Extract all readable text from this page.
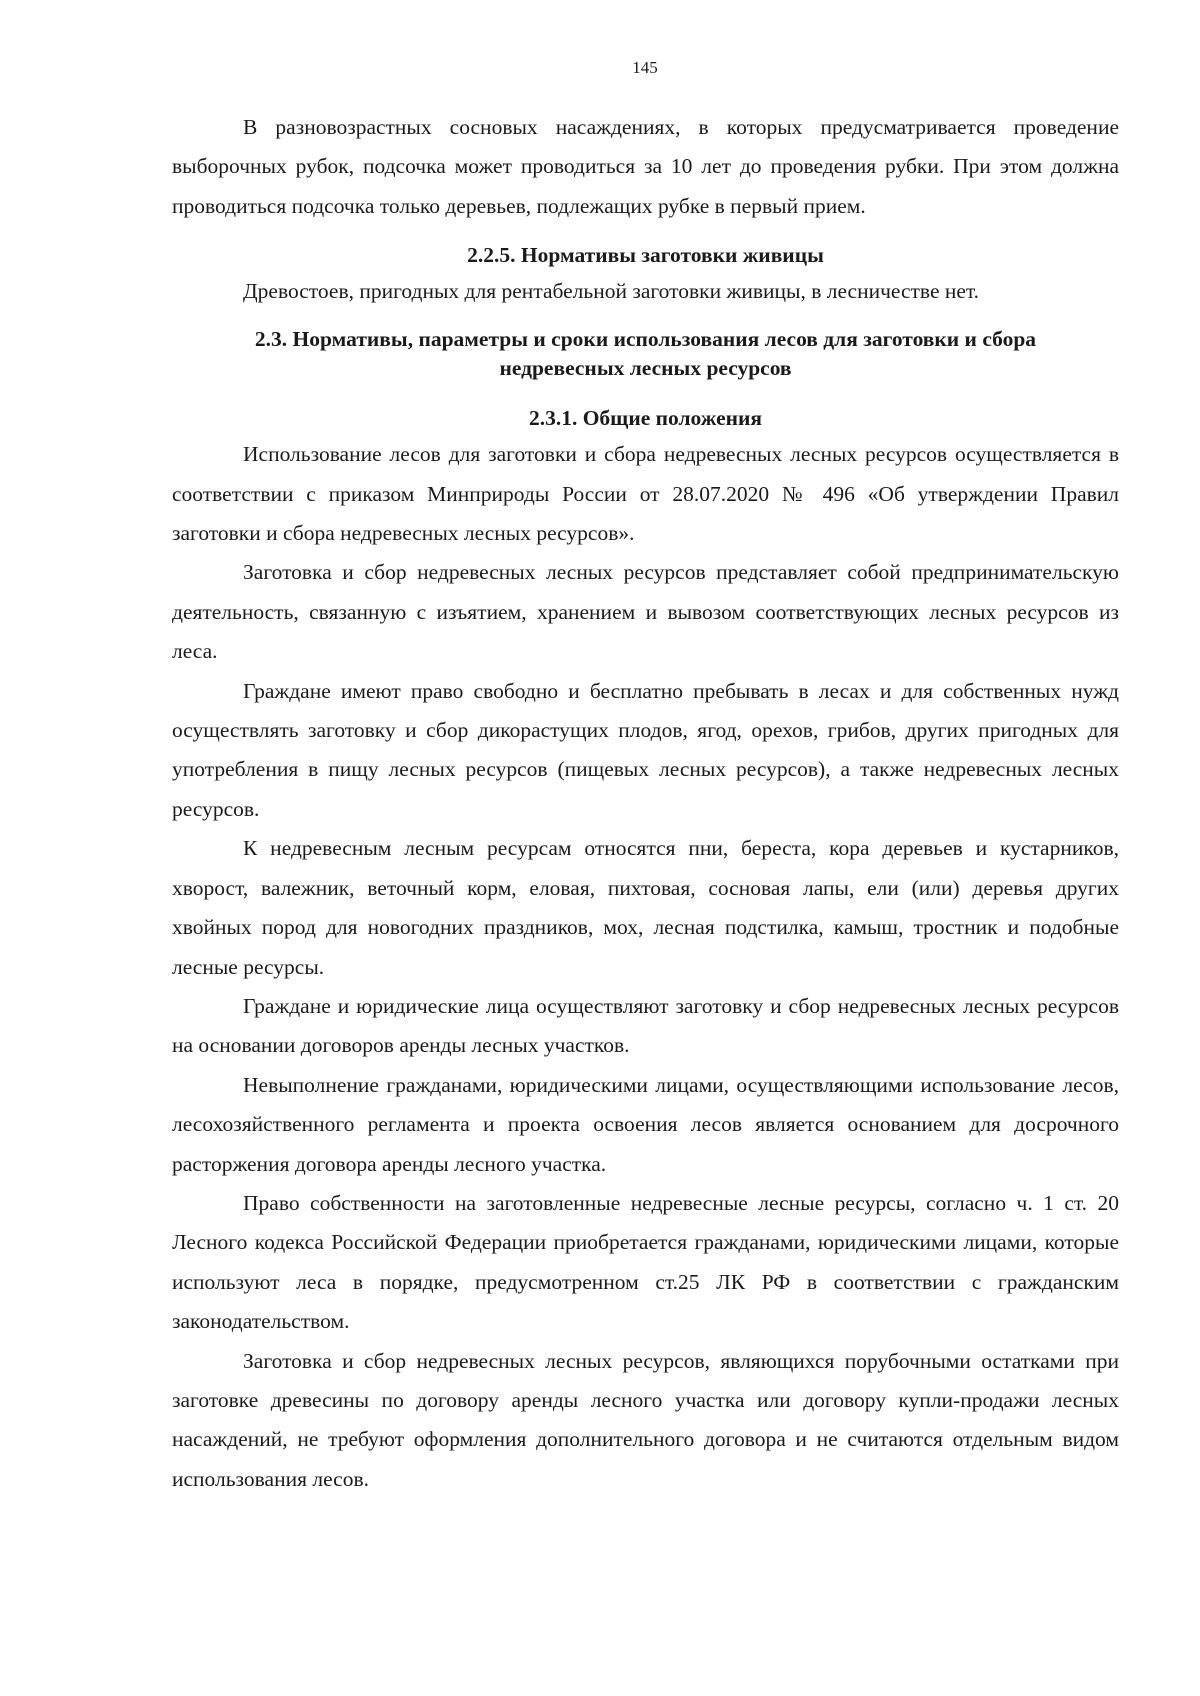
145

В разновозрастных сосновых насаждениях, в которых предусматривается проведение выборочных рубок, подсочка может проводиться за 10 лет до проведения рубки. При этом должна проводиться подсочка только деревьев, подлежащих рубке в первый прием.

2.2.5. Нормативы заготовки живицы

Древостоев, пригодных для рентабельной заготовки живицы, в лесничестве нет.

2.3. Нормативы, параметры и сроки использования лесов для заготовки и сбора
недревесных лесных ресурсов
2.3.1. Общие положения

Использование лесов для заготовки и сбора недревесных лесных ресурсов осуществляется в соответствии с приказом Минприроды России от 28.07.2020 № 496 «Об утверждении Правил заготовки и сбора недревесных лесных ресурсов».

Заготовка и сбор недревесных лесных ресурсов представляет собой предпринимательскую деятельность, связанную с изъятием, хранением и вывозом соответствующих лесных ресурсов из леса.

Граждане имеют право свободно и бесплатно пребывать в лесах и для собственных нужд осуществлять заготовку и сбор дикорастущих плодов, ягод, орехов, грибов, других пригодных для употребления в пищу лесных ресурсов (пищевых лесных ресурсов), а также недревесных лесных ресурсов.

К недревесным лесным ресурсам относятся пни, береста, кора деревьев и кустарников, хворост, валежник, веточный корм, еловая, пихтовая, сосновая лапы, ели (или) деревья других хвойных пород для новогодних праздников, мох, лесная подстилка, камыш, тростник и подобные лесные ресурсы.

Граждане и юридические лица осуществляют заготовку и сбор недревесных лесных ресурсов на основании договоров аренды лесных участков.

Невыполнение гражданами, юридическими лицами, осуществляющими использование лесов, лесохозяйственного регламента и проекта освоения лесов является основанием для досрочного расторжения договора аренды лесного участка.

Право собственности на заготовленные недревесные лесные ресурсы, согласно ч. 1 ст. 20 Лесного кодекса Российской Федерации приобретается гражданами, юридическими лицами, которые используют леса в порядке, предусмотренном ст.25 ЛК РФ в соответствии с гражданским законодательством.

Заготовка и сбор недревесных лесных ресурсов, являющихся порубочными остатками при заготовке древесины по договору аренды лесного участка или договору купли-продажи лесных насаждений, не требуют оформления дополнительного договора и не считаются отдельным видом использования лесов.
